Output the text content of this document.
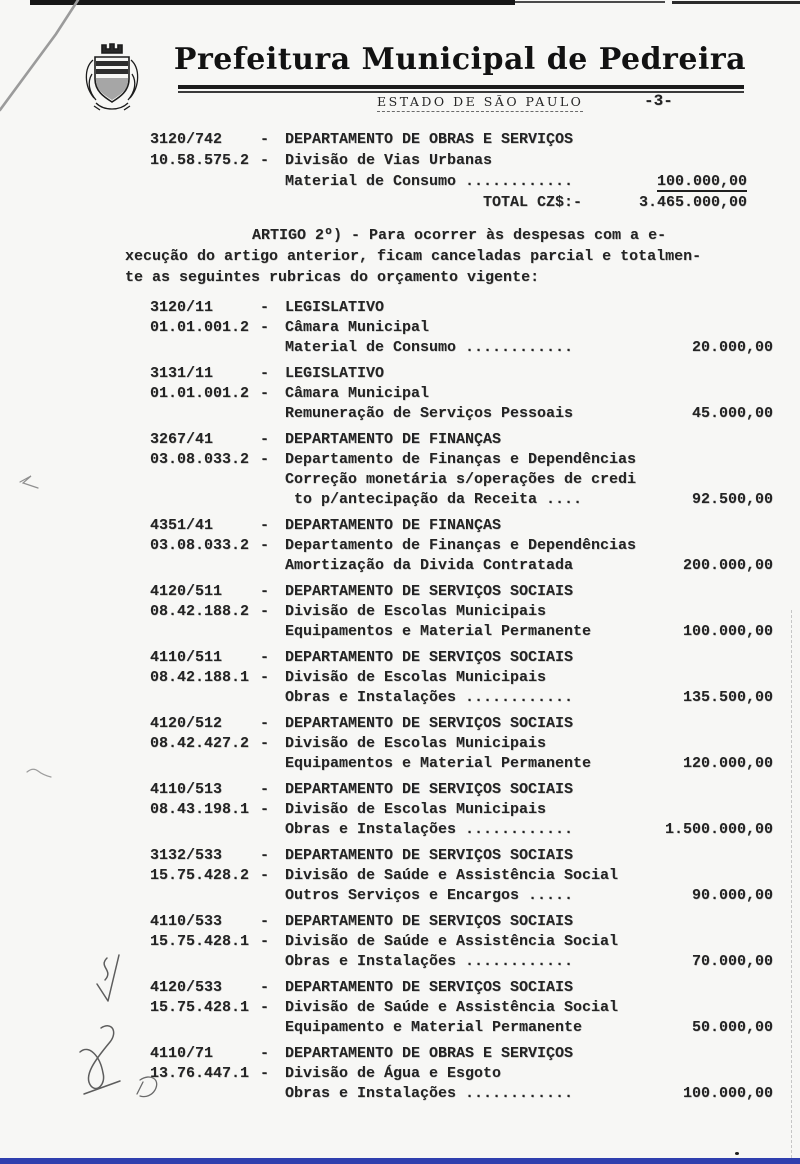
Prefeitura Municipal de Pedreira
ESTADO DE SÃO PAULO	-3-
3120/742	-	DEPARTAMENTO DE OBRAS E SERVIÇOS
10.58.575.2 -	Divisão de Vias Urbanas
Material de Consumo ............	100.000,00
TOTAL CZ$:-	3.465.000,00
ARTIGO 2º) - Para ocorrer às despesas com a e-
xecução do artigo anterior, ficam canceladas parcial e totalmen-
te as seguintes rubricas do orçamento vigente:
3120/11	-	LEGISLATIVO
01.01.001.2 -	Câmara Municipal
Material de Consumo ............	20.000,00
3131/11	-	LEGISLATIVO
01.01.001.2 -	Câmara Municipal
Remuneração de Serviços Pessoais	45.000,00
3267/41	-	DEPARTAMENTO DE FINANÇAS
03.08.033.2 -	Departamento de Finanças e Dependências
Correção monetária s/operações de credi
to p/antecipação da Receita ....	92.500,00
4351/41	-	DEPARTAMENTO DE FINANÇAS
03.08.033.2 -	Departamento de Finanças e Dependências
Amortização da Divida Contratada	200.000,00
4120/511	-	DEPARTAMENTO DE SERVIÇOS SOCIAIS
08.42.188.2 -	Divisão de Escolas Municipais
Equipamentos e Material Permanente	100.000,00
4110/511	-	DEPARTAMENTO DE SERVIÇOS SOCIAIS
08.42.188.1 -	Divisão de Escolas Municipais
Obras e Instalações ............	135.500,00
4120/512	-	DEPARTAMENTO DE SERVIÇOS SOCIAIS
08.42.427.2 -	Divisão de Escolas Municipais
Equipamentos e Material Permanente	120.000,00
4110/513	-	DEPARTAMENTO DE SERVIÇOS SOCIAIS
08.43.198.1 -	Divisão de Escolas Municipais
Obras e Instalações ............	1.500.000,00
3132/533	-	DEPARTAMENTO DE SERVIÇOS SOCIAIS
15.75.428.2 -	Divisão de Saúde e Assistência Social
Outros Serviços e Encargos .....	90.000,00
4110/533	-	DEPARTAMENTO DE SERVIÇOS SOCIAIS
15.75.428.1 -	Divisão de Saúde e Assistência Social
Obras e Instalações ............	70.000,00
4120/533	-	DEPARTAMENTO DE SERVIÇOS SOCIAIS
15.75.428.1 -	Divisão de Saúde e Assistência Social
Equipamento e Material Permanente	50.000,00
4110/71	-	DEPARTAMENTO DE OBRAS E SERVIÇOS
13.76.447.1 -	Divisão de Água e Esgoto
Obras e Instalações ............	100.000,00
